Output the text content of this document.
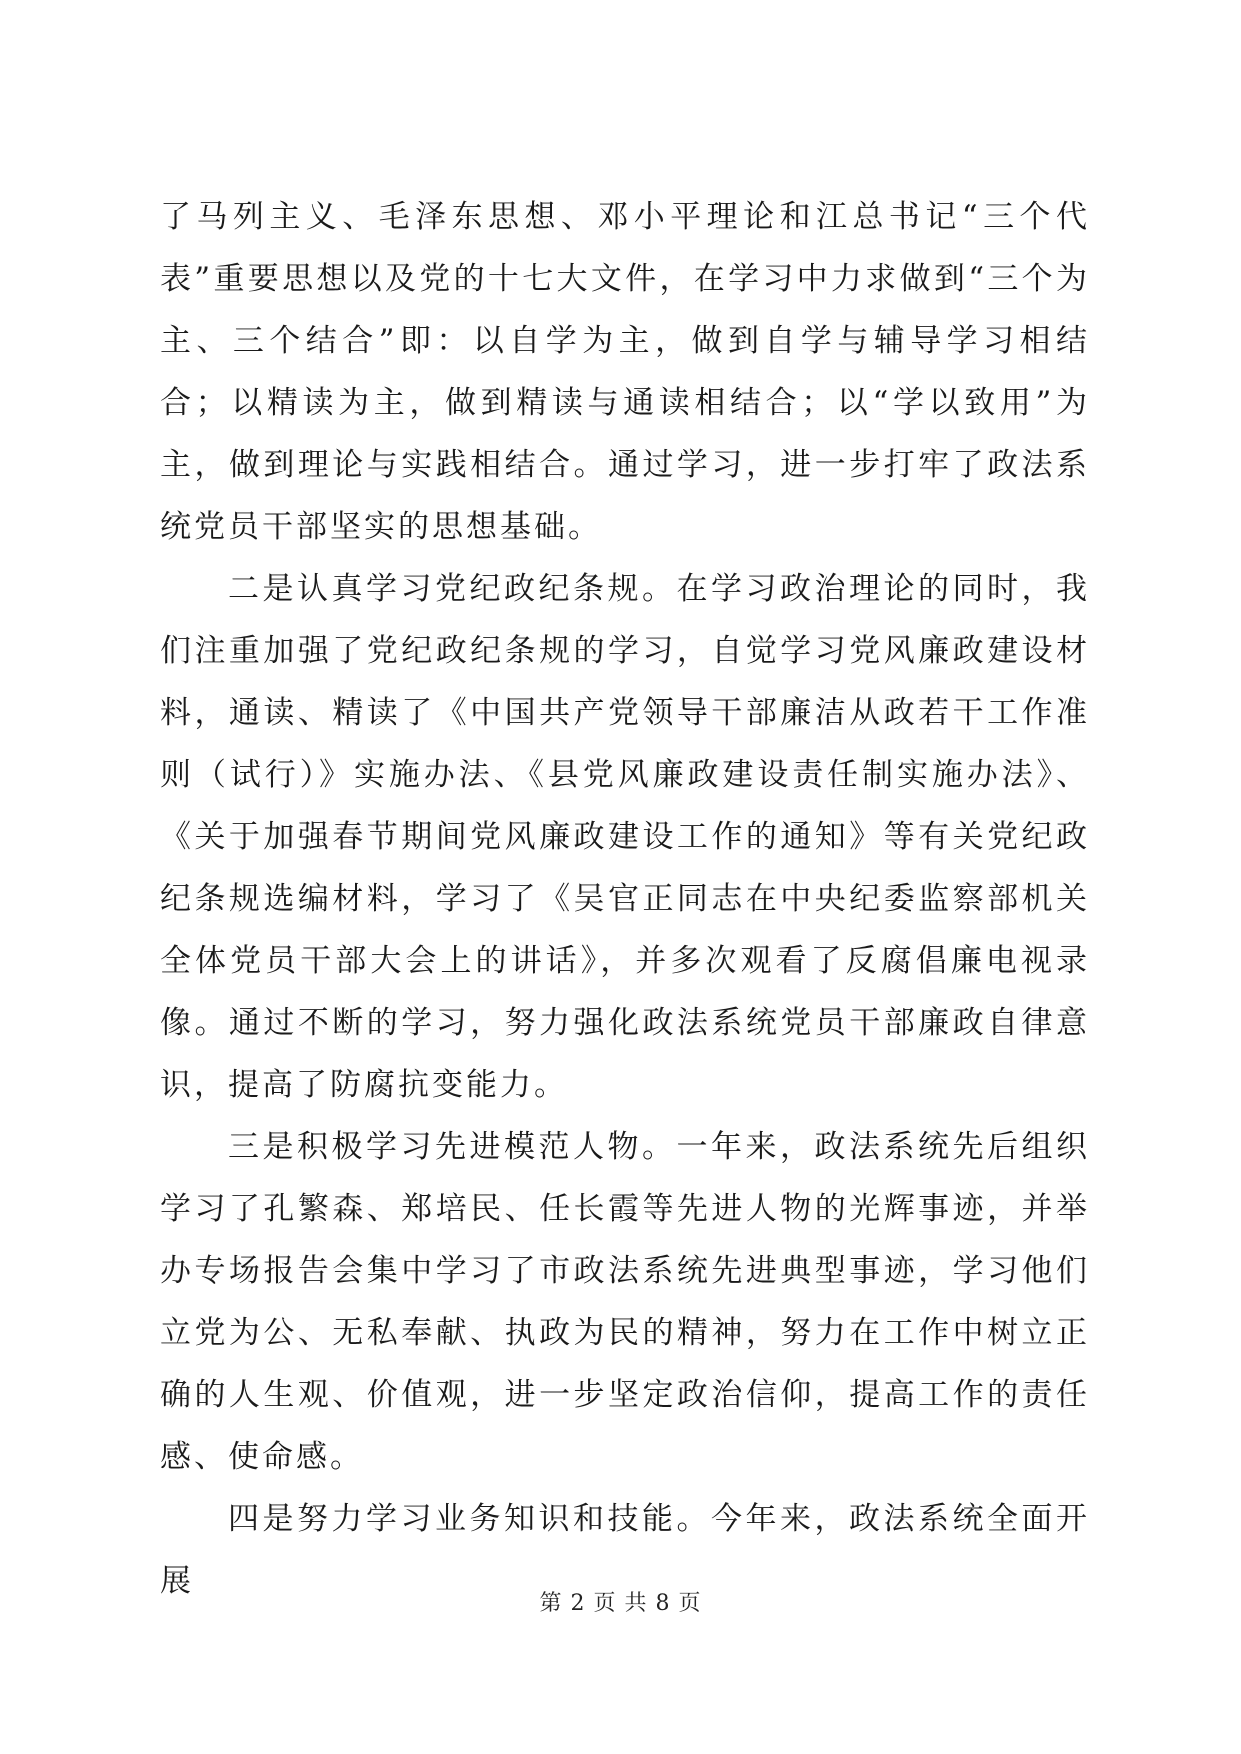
了马列主义、毛泽东思想、邓小平理论和江总书记“三个代表”重要思想以及党的十七大文件，在学习中力求做到“三个为主、三个结合”即：以自学为主，做到自学与辅导学习相结合；以精读为主，做到精读与通读相结合；以“学以致用”为主，做到理论与实践相结合。通过学习，进一步打牢了政法系统党员干部坚实的思想基础。

二是认真学习党纪政纪条规。在学习政治理论的同时，我们注重加强了党纪政纪条规的学习，自觉学习党风廉政建设材料，通读、精读了《中国共产党领导干部廉洁从政若干工作准则（试行）》实施办法、《县党风廉政建设责任制实施办法》、《关于加强春节期间党风廉政建设工作的通知》等有关党纪政纪条规选编材料，学习了《吴官正同志在中央纪委监察部机关全体党员干部大会上的讲话》，并多次观看了反腐倡廉电视录像。通过不断的学习，努力强化政法系统党员干部廉政自律意识，提高了防腐抗变能力。

三是积极学习先进模范人物。一年来，政法系统先后组织学习了孔繁森、郑培民、任长霞等先进人物的光辉事迹，并举办专场报告会集中学习了市政法系统先进典型事迹，学习他们立党为公、无私奉献、执政为民的精神，努力在工作中树立正确的人生观、价值观，进一步坚定政治信仰，提高工作的责任感、使命感。

四是努力学习业务知识和技能。今年来，政法系统全面开展

第 2 页 共 8 页
